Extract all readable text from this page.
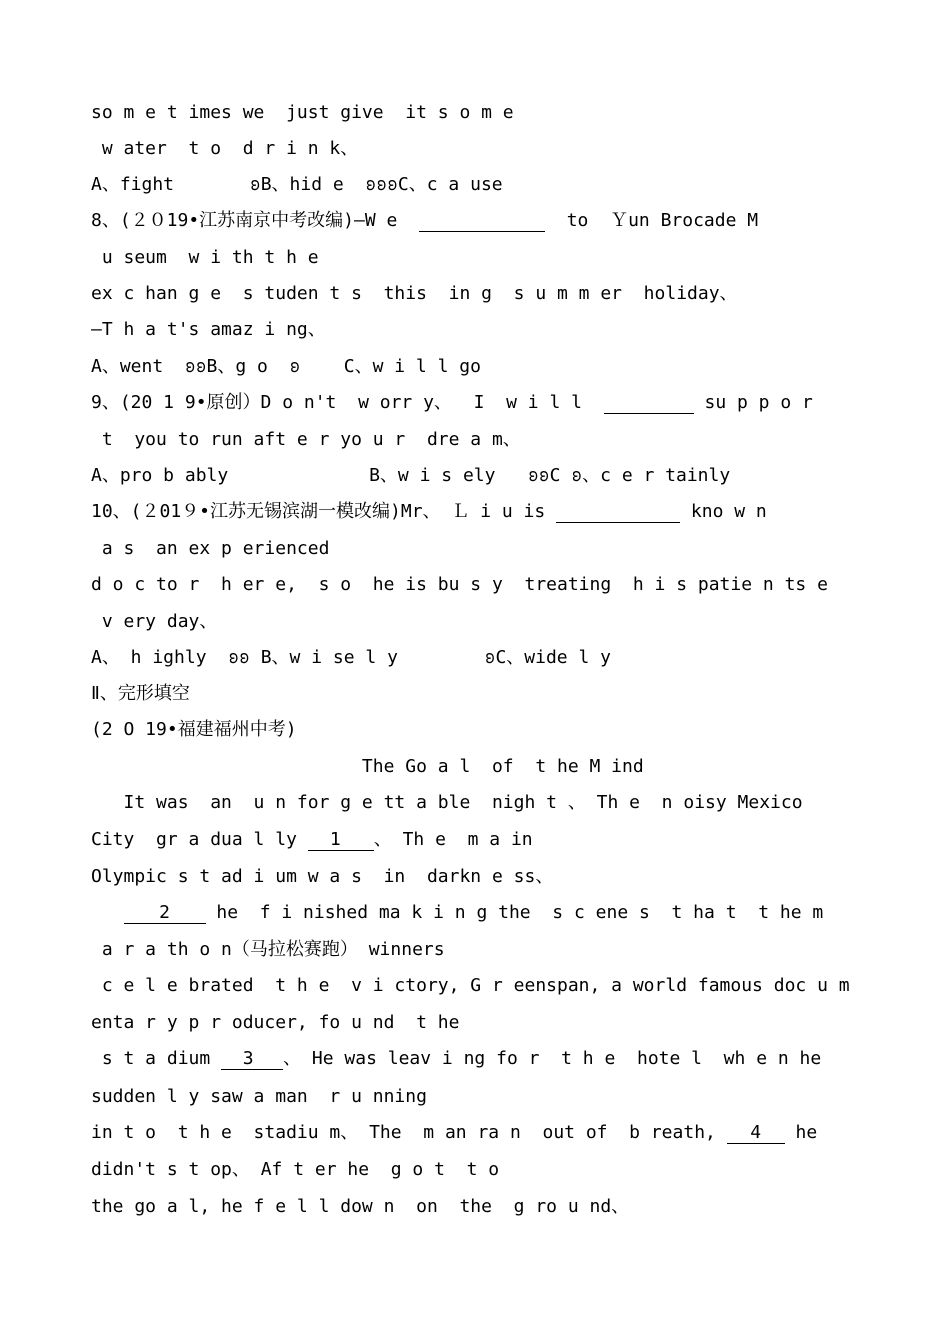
so m e t imes we  just give  it s o m e
w ater  t o  d r i n k、
A、fight       ʚB、hid e  ʚʚʚC、c a use
8、(２０19•江苏南京中考改编)—W e	to  Ｙun Brocade M
u seum  w i th t h e
ex c han g e  s tuden t s  this  in g  s u m m er  holiday、
—T h a t's amaz i ng、
A、went  ʚʚB、g o  ʚ    C、w i l l go
9、(20 1 9•原创）D o n't  w orr y、  I  w i l l	su p p o r
t  you to run aft e r yo u r  dre a m、
A、pro b ably             B、w i s ely   ʚʚC ʚ、c e r tainly
10、(２01９•江苏无锡滨湖一模改编)Mr、 Ｌ i u is	kno w n
a s  an ex p erienced
d o c to r  h er e,  s o  he is bu s y  treating  h i s patie n ts e
v ery day、
A、 h ighly  ʚʚ B、w i se l y        ʚC、wide l y
Ⅱ、完形填空
(2 O 19•福建福州中考)
The Go a l  of  t he M ind
It was  an  u n for g e tt a ble  nigh t 、 Th e  n oisy Mexico
City  gr a dua l ly   1   、 Th e  m a in
Olympic s t ad i um w a s  in  darkn e ss、
2    he  f i nished ma k i n g the  s c ene s  t ha t  t he m
a r a th o n（马拉松赛跑） winners
c e l e brated  t h e  v i ctory, G r eenspan, a world famous doc u m
enta r y p r oducer, fo u nd  t he
s t a dium   3   、 He was leav i ng fo r  t h e  hote l  wh e n he
sudden l y saw a man  r u nning
in t o  t h e  stadiu m、 The  m an ra n  out of  b reath,   4   he
didn't s t op、 Af t er he  g o t  t o
the go a l, he f e l l dow n  on  the  g ro u nd、
